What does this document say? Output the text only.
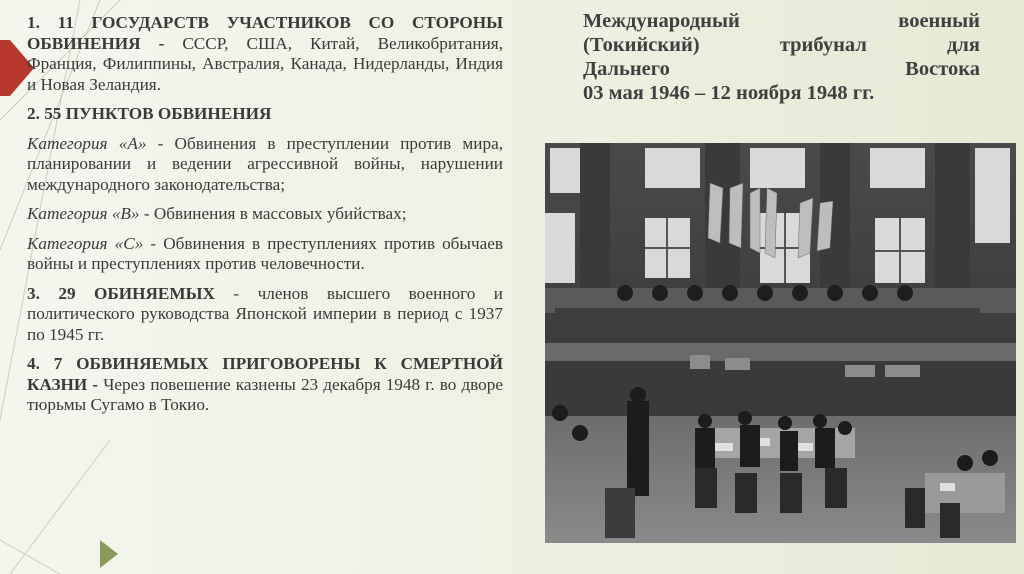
1. 11 ГОСУДАРСТВ УЧАСТНИКОВ СО СТОРОНЫ ОБВИНЕНИЯ - СССР, США, Китай, Великобритания, Франция, Филиппины, Австралия, Канада, Нидерланды, Индия и Новая Зеландия.

2. 55 ПУНКТОВ ОБВИНЕНИЯ

Категория «А» - Обвинения в преступлении против мира, планировании и ведении агрессивной войны, нарушении международного законодательства;

Категория «В» - Обвинения в массовых убийствах;

Категория «С» - Обвинения в преступлениях против обычаев войны и преступлениях против человечности.

3. 29 ОБИНЯЕМЫХ - членов высшего военного и политического руководства Японской империи в период с 1937 по 1945 гг.

4. 7 ОБВИНЯЕМЫХ ПРИГОВОРЕНЫ К СМЕРТНОЙ КАЗНИ - Через повешение казнены 23 декабря 1948 г. во дворе тюрьмы Сугамо в Токио.

Международный	военный
(Токийский)	трибунал	для
Дальнего	Востока
03 мая 1946 – 12 ноября 1948 гг.
